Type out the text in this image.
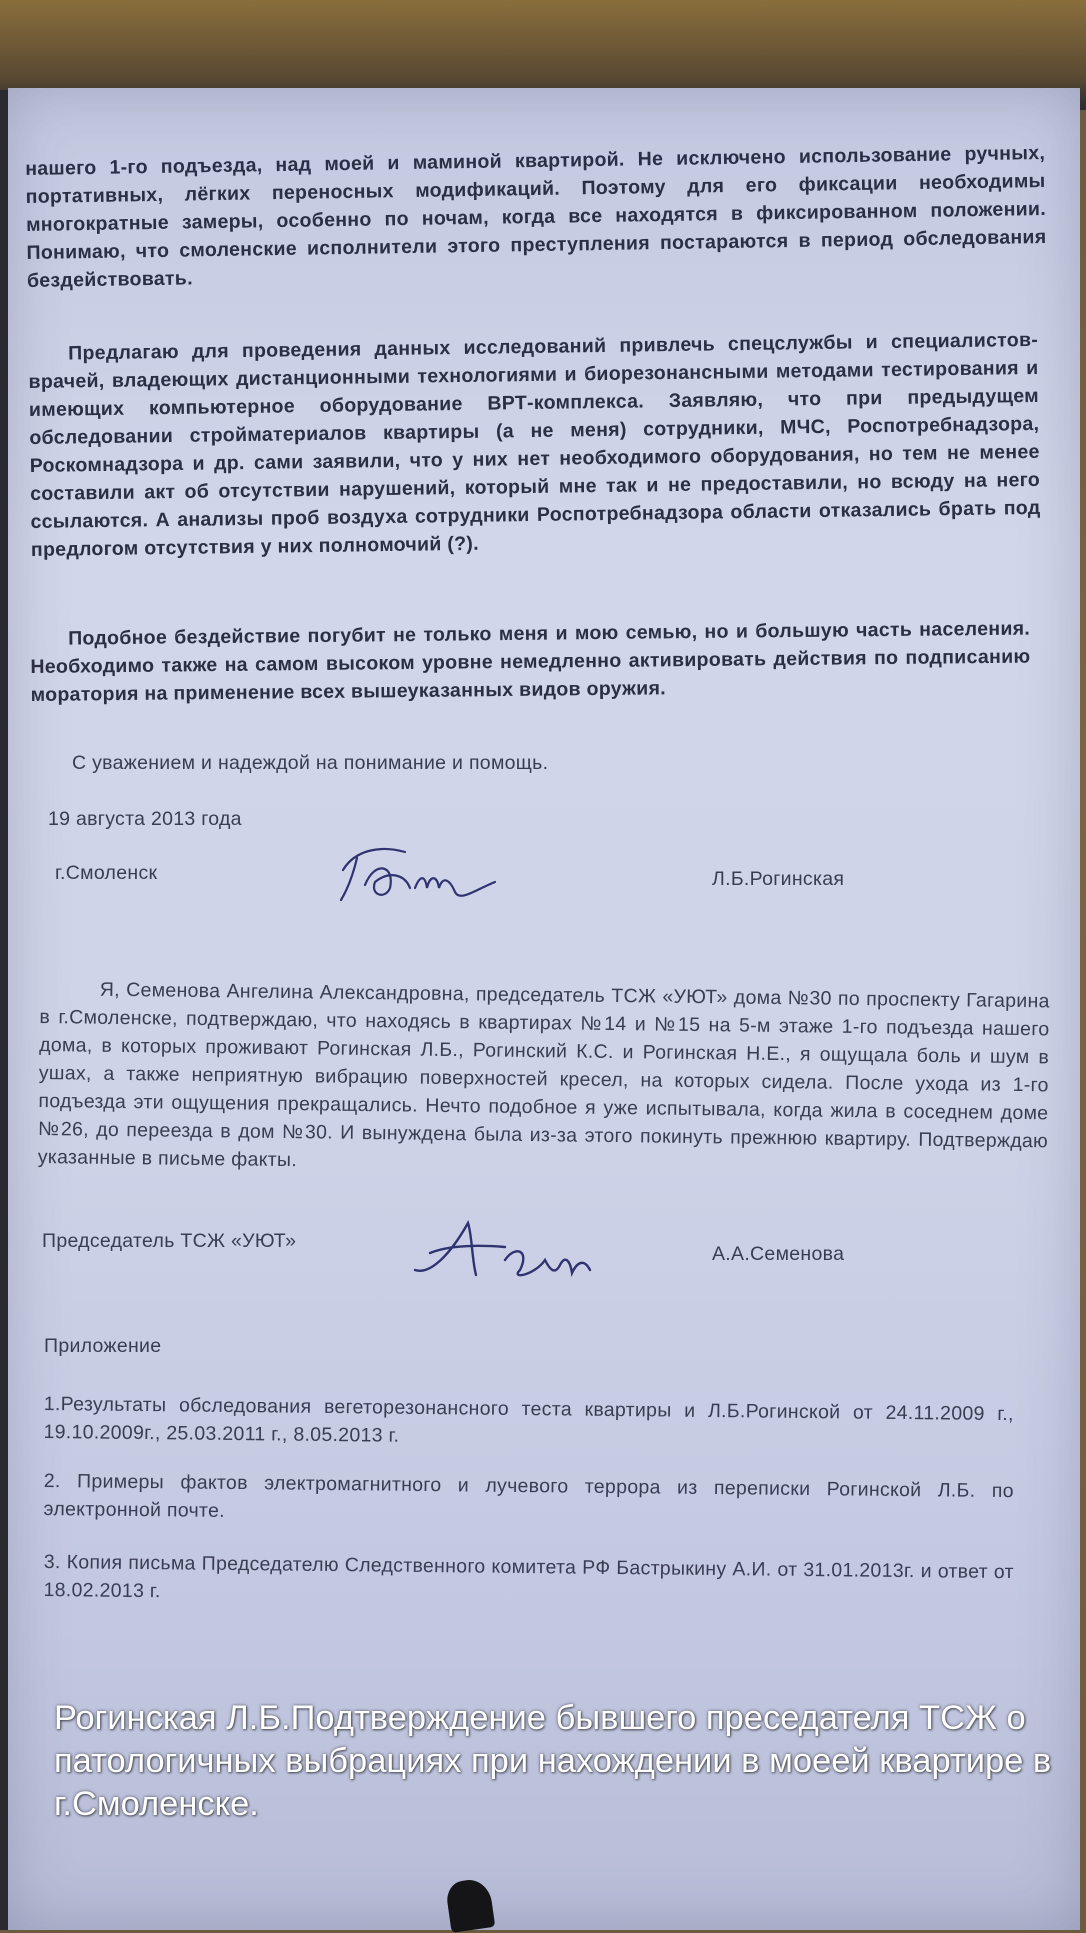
нашего 1-го подъезда, над моей и маминой квартирой. Не исключено использование ручных, портативных, лёгких переносных модификаций. Поэтому для его фиксации необходимы многократные замеры, особенно по ночам, когда все находятся в фиксированном положении. Понимаю, что смоленские исполнители этого преступления постараются в период обследования бездействовать.

Предлагаю для проведения данных исследований привлечь спецслужбы и специалистов-врачей, владеющих дистанционными технологиями и биорезонансными методами тестирования и имеющих компьютерное оборудование ВРТ-комплекса. Заявляю, что при предыдущем обследовании стройматериалов квартиры (а не меня) сотрудники, МЧС, Роспотребнадзора, Роскомнадзора и др. сами заявили, что у них нет необходимого оборудования, но тем не менее составили акт об отсутствии нарушений, который мне так и не предоставили, но всюду на него ссылаются. А анализы проб воздуха сотрудники Роспотребнадзора области отказались брать под предлогом отсутствия у них полномочий (?).

Подобное бездействие погубит не только меня и мою семью, но и большую часть населения. Необходимо также на самом высоком уровне немедленно активировать действия по подписанию моратория на применение всех вышеуказанных видов оружия.

С уважением и надеждой на понимание и помощь.

19 августа 2013 года

г.Смоленск	Л.Б.Рогинская

Я, Семенова Ангелина Александровна, председатель ТСЖ «УЮТ» дома №30 по проспекту Гагарина в г.Смоленске, подтверждаю, что находясь в квартирах №14 и №15 на 5-м этаже 1-го подъезда нашего дома, в которых проживают Рогинская Л.Б., Рогинский К.С. и Рогинская Н.Е., я ощущала боль и шум в ушах, а также неприятную вибрацию поверхностей кресел, на которых сидела. После ухода из 1-го подъезда эти ощущения прекращались. Нечто подобное я уже испытывала, когда жила в соседнем доме №26, до переезда в дом №30. И вынуждена была из-за этого покинуть прежнюю квартиру. Подтверждаю указанные в письме факты.

Председатель ТСЖ «УЮТ»

А.А.Семенова

Приложение

1.Результаты обследования вегеторезонансного теста квартиры и Л.Б.Рогинской от 24.11.2009 г., 19.10.2009г., 25.03.2011 г., 8.05.2013 г.

2. Примеры фактов электромагнитного и лучевого террора из переписки Рогинской Л.Б. по электронной почте.

3. Копия письма Председателю Следственного комитета РФ Бастрыкину А.И. от 31.01.2013г. и ответ от 18.02.2013 г.

Рогинская Л.Б.Подтверждение бывшего преседателя ТСЖ о патологичных выбрациях при нахождении в моеей квартире в г.Смоленске.
